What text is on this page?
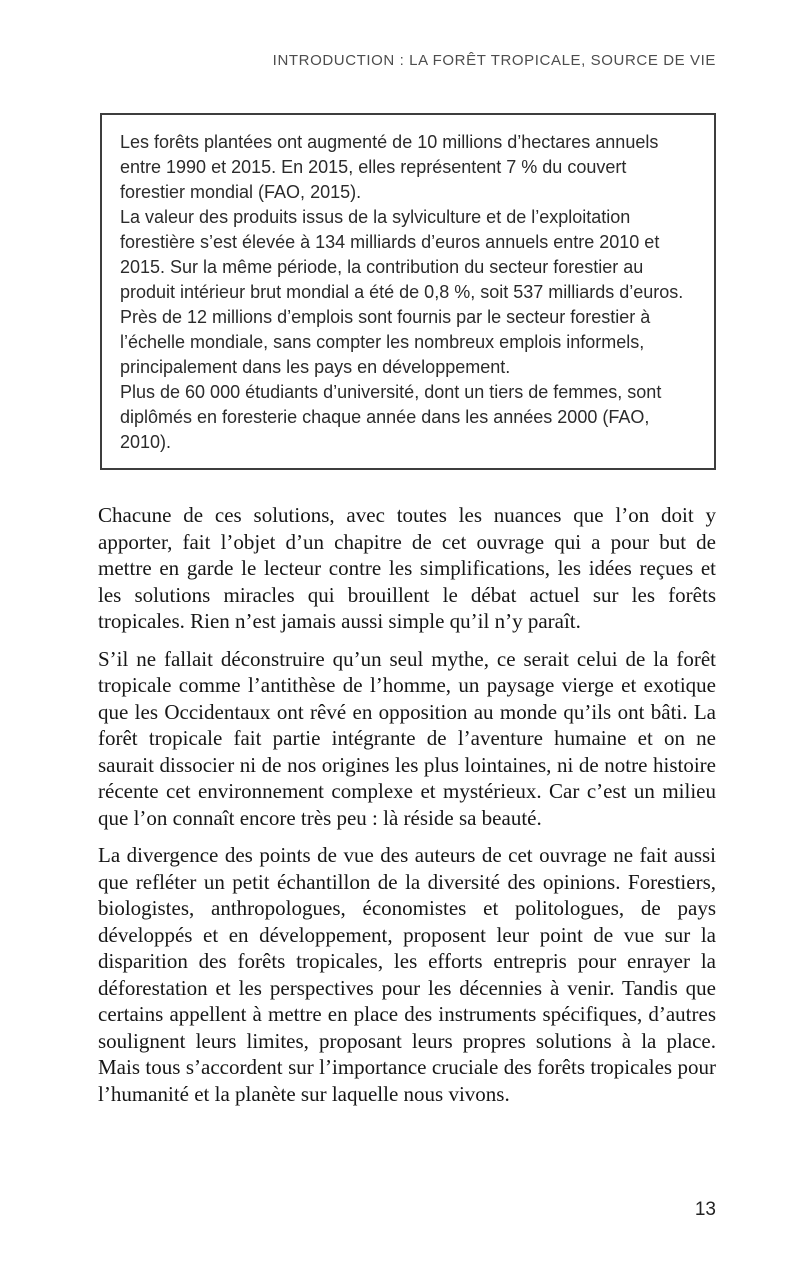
INTRODUCTION : LA FORÊT TROPICALE, SOURCE DE VIE

Les forêts plantées ont augmenté de 10 millions d’hectares annuels entre 1990 et 2015. En 2015, elles représentent 7 % du couvert forestier mondial (FAO, 2015).

La valeur des produits issus de la sylviculture et de l’exploitation forestière s’est élevée à 134 milliards d’euros annuels entre 2010 et 2015. Sur la même période, la contribution du secteur forestier au produit intérieur brut mondial a été de 0,8 %, soit 537 milliards d’euros.

Près de 12 millions d’emplois sont fournis par le secteur forestier à l’échelle mondiale, sans compter les nombreux emplois informels, principalement dans les pays en développement.

Plus de 60 000 étudiants d’université, dont un tiers de femmes, sont diplômés en foresterie chaque année dans les années 2000 (FAO, 2010).

Chacune de ces solutions, avec toutes les nuances que l’on doit y apporter, fait l’objet d’un chapitre de cet ouvrage qui a pour but de mettre en garde le lecteur contre les simplifications, les idées reçues et les solutions miracles qui brouillent le débat actuel sur les forêts tropicales. Rien n’est jamais aussi simple qu’il n’y paraît.

S’il ne fallait déconstruire qu’un seul mythe, ce serait celui de la forêt tropicale comme l’antithèse de l’homme, un paysage vierge et exotique que les Occidentaux ont rêvé en opposition au monde qu’ils ont bâti. La forêt tropicale fait partie intégrante de l’aventure humaine et on ne saurait dissocier ni de nos origines les plus lointaines, ni de notre histoire récente cet environnement complexe et mystérieux. Car c’est un milieu que l’on connaît encore très peu : là réside sa beauté.

La divergence des points de vue des auteurs de cet ouvrage ne fait aussi que refléter un petit échantillon de la diversité des opinions. Forestiers, biologistes, anthropologues, économistes et politologues, de pays développés et en développement, proposent leur point de vue sur la disparition des forêts tropicales, les efforts entrepris pour enrayer la déforestation et les perspectives pour les décennies à venir. Tandis que certains appellent à mettre en place des instruments spécifiques, d’autres soulignent leurs limites, proposant leurs propres solutions à la place. Mais tous s’accordent sur l’importance cruciale des forêts tropicales pour l’humanité et la planète sur laquelle nous vivons.

13
